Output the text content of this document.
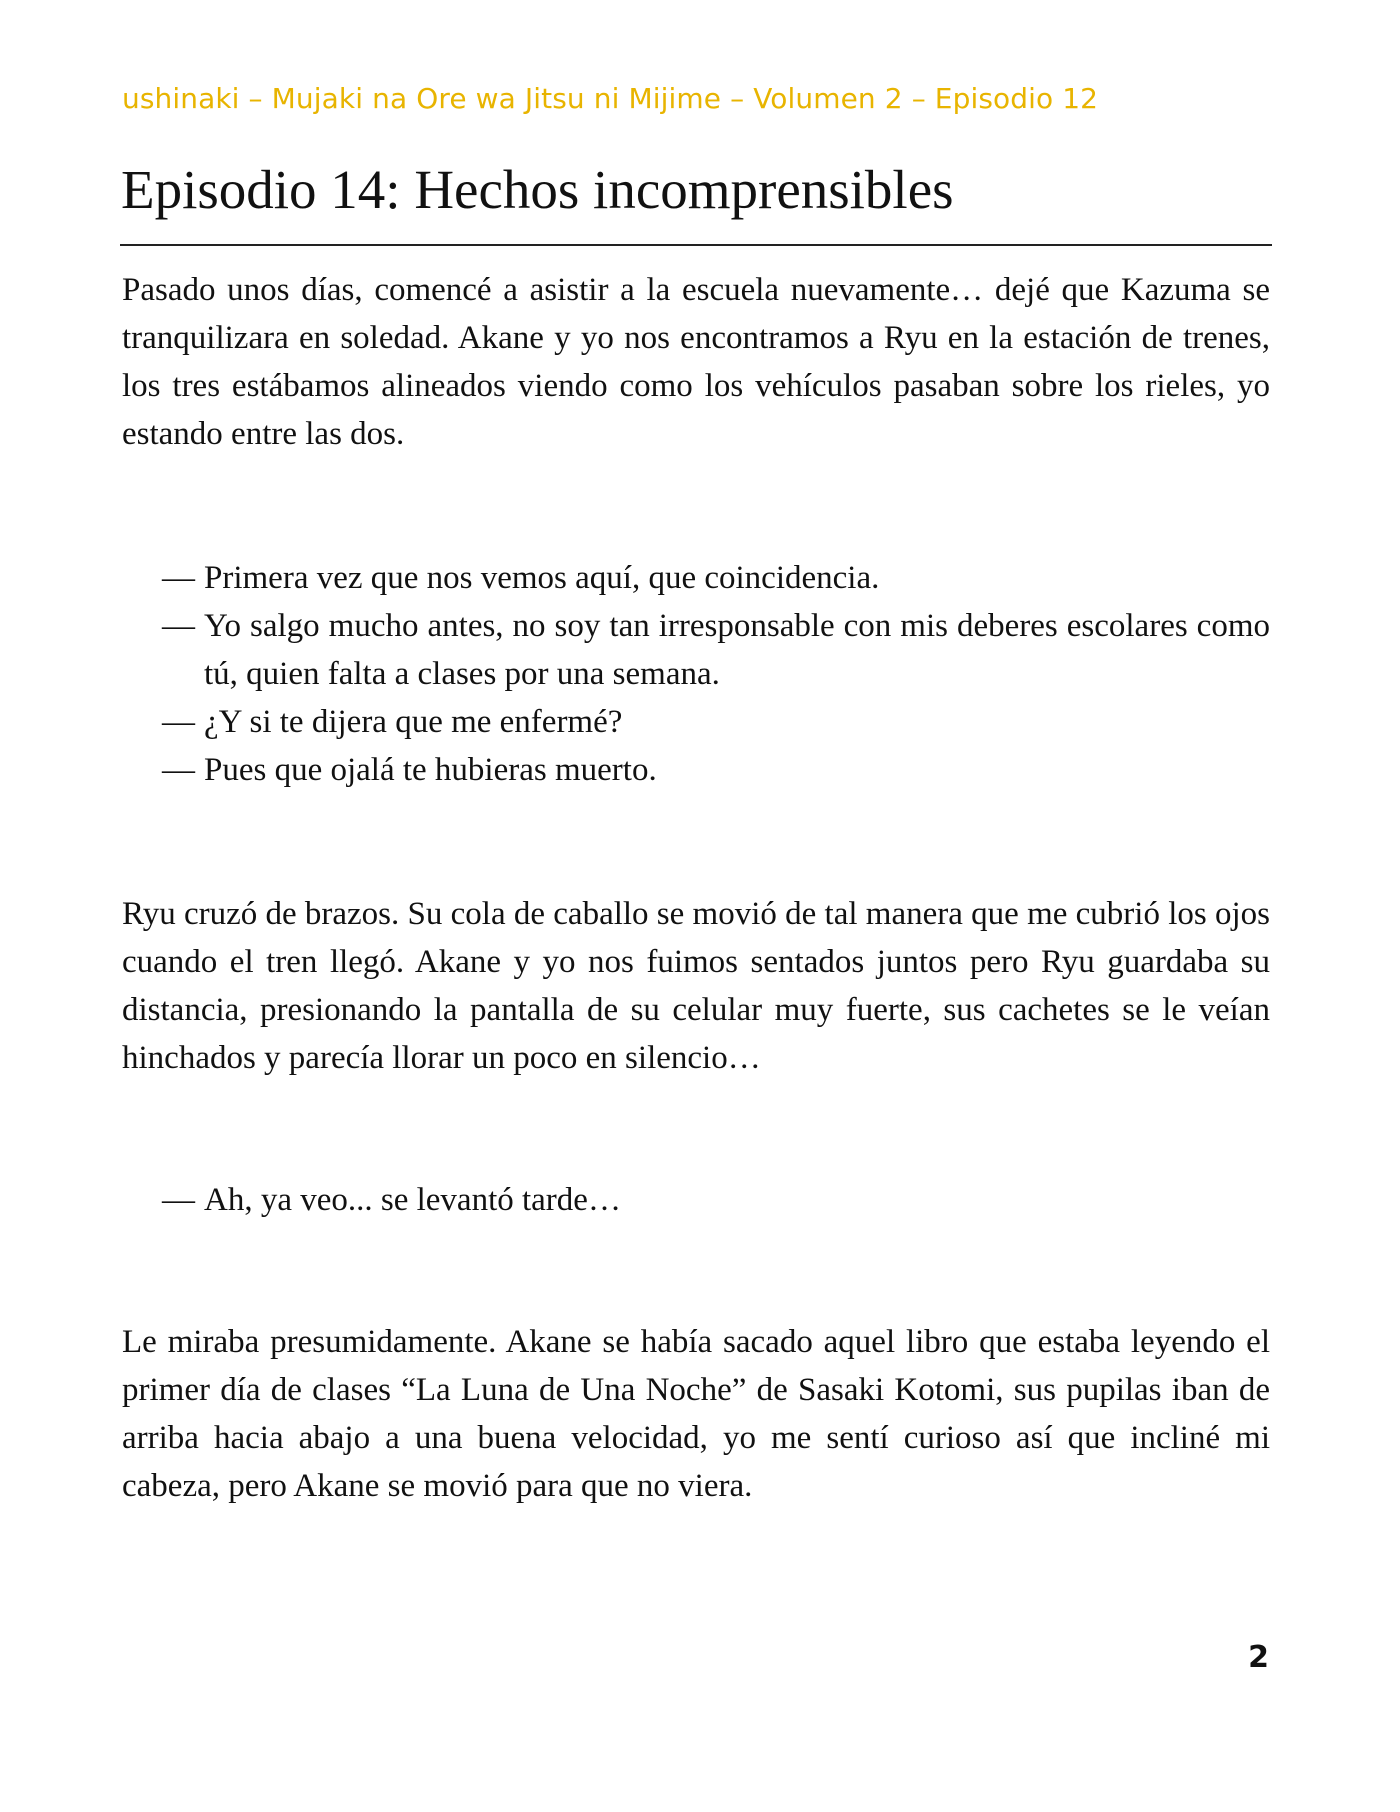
ushinaki – Mujaki na Ore wa Jitsu ni Mijime – Volumen 2 – Episodio 12
Episodio 14: Hechos incomprensibles

Pasado unos días, comencé a asistir a la escuela nuevamente… dejé que Kazuma se tranquilizara en soledad. Akane y yo nos encontramos a Ryu en la estación de trenes, los tres estábamos alineados viendo como los vehículos pasaban sobre los rieles, yo estando entre las dos.

— Primera vez que nos vemos aquí, que coincidencia.
— Yo salgo mucho antes, no soy tan irresponsable con mis deberes escolares como tú, quien falta a clases por una semana.
— ¿Y si te dijera que me enfermé?
— Pues que ojalá te hubieras muerto.

Ryu cruzó de brazos. Su cola de caballo se movió de tal manera que me cubrió los ojos cuando el tren llegó. Akane y yo nos fuimos sentados juntos pero Ryu guardaba su distancia, presionando la pantalla de su celular muy fuerte, sus cachetes se le veían hinchados y parecía llorar un poco en silencio…

— Ah, ya veo... se levantó tarde…

Le miraba presumidamente. Akane se había sacado aquel libro que estaba leyendo el primer día de clases “La Luna de Una Noche” de Sasaki Kotomi, sus pupilas iban de arriba hacia abajo a una buena velocidad, yo me sentí curioso así que incliné mi cabeza, pero Akane se movió para que no viera.

2
